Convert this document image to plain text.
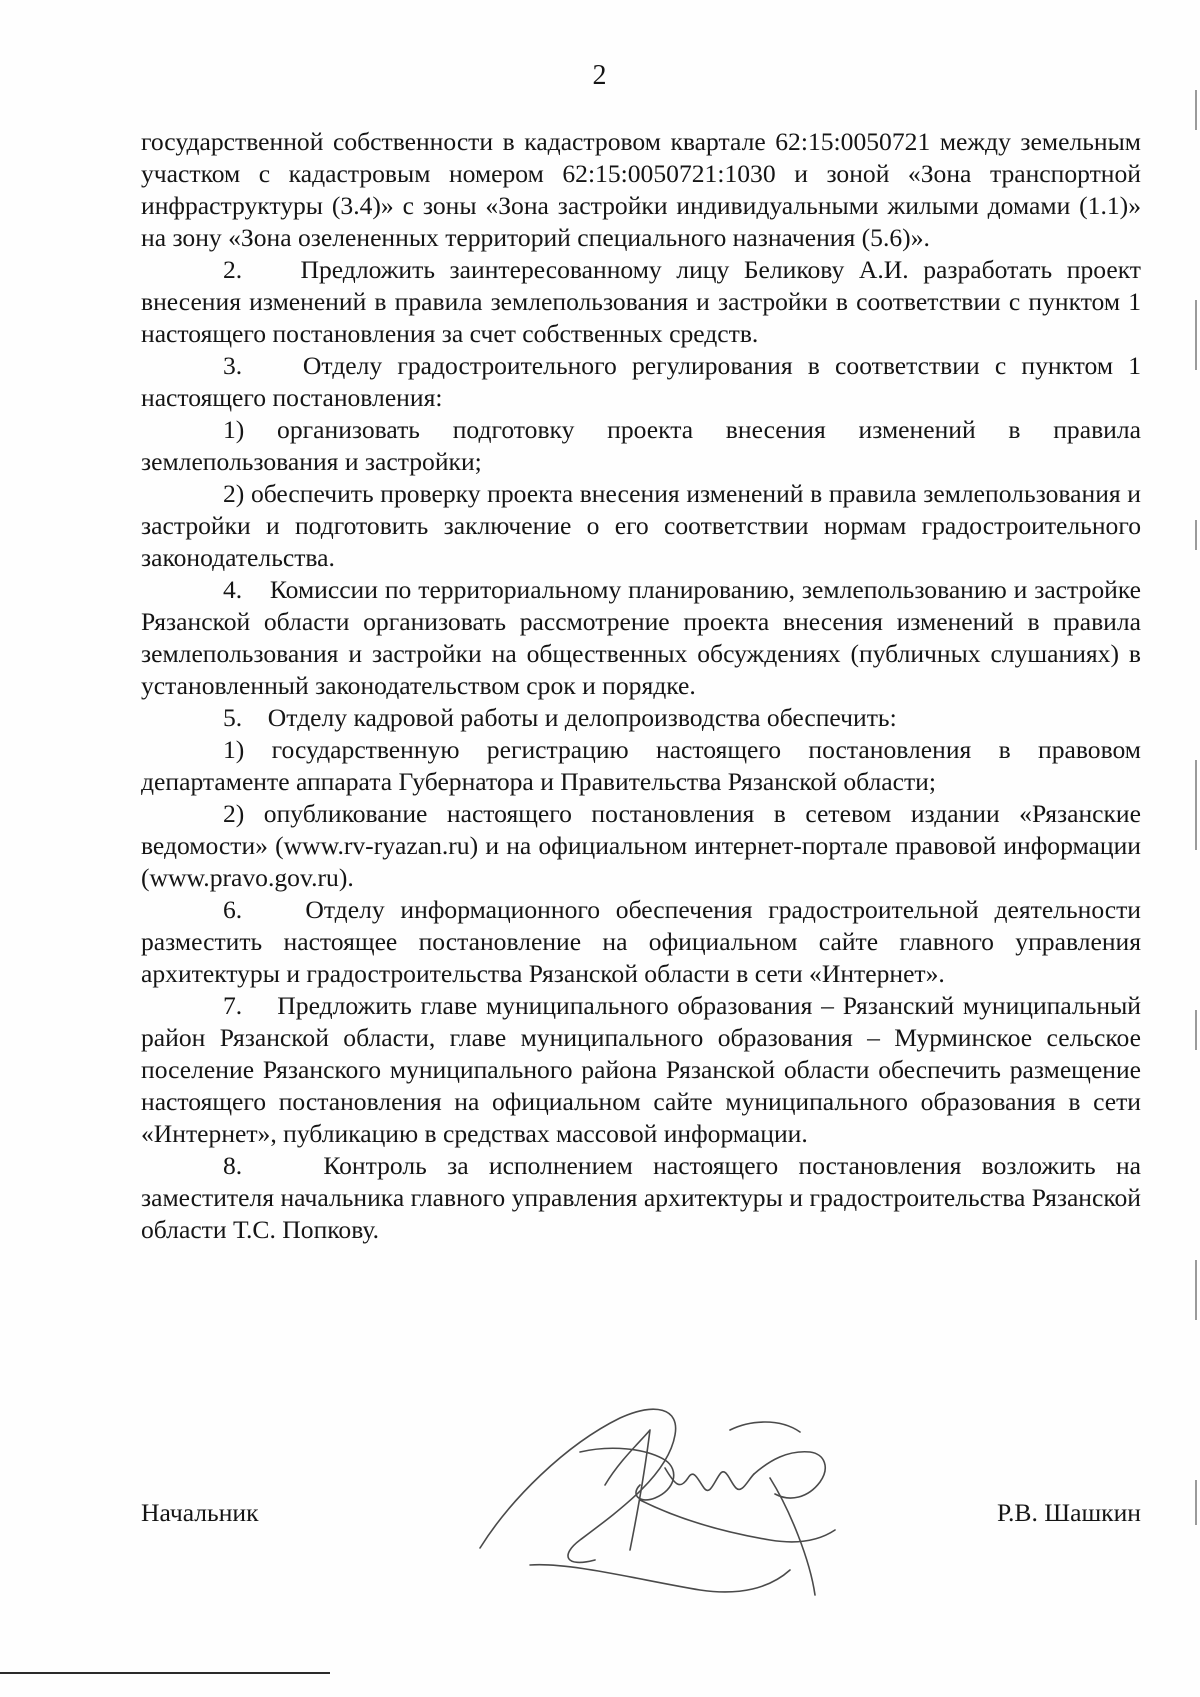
2

государственной собственности в кадастровом квартале 62:15:0050721 между земельным участком с кадастровым номером 62:15:0050721:1030 и зоной «Зона транспортной инфраструктуры (3.4)» с зоны «Зона застройки индивидуальными жилыми домами (1.1)» на зону «Зона озелененных территорий специального назначения (5.6)».

2.    Предложить заинтересованному лицу Беликову А.И. разработать проект внесения изменений в правила землепользования и застройки в соответствии с пунктом 1 настоящего постановления за счет собственных средств.

3.    Отделу градостроительного регулирования в соответствии с пунктом 1 настоящего постановления:

1) организовать подготовку проекта внесения изменений в правила землепользования и застройки;

2) обеспечить проверку проекта внесения изменений в правила землепользования и застройки и подготовить заключение о его соответствии нормам градостроительного законодательства.

4.    Комиссии по территориальному планированию, землепользованию и застройке Рязанской области организовать рассмотрение проекта внесения изменений в правила землепользования и застройки на общественных обсуждениях (публичных слушаниях) в установленный законодательством срок и порядке.

5.    Отделу кадровой работы и делопроизводства обеспечить:

1) государственную регистрацию настоящего постановления в правовом департаменте аппарата Губернатора и Правительства Рязанской области;

2) опубликование настоящего постановления в сетевом издании «Рязанские ведомости» (www.rv-ryazan.ru) и на официальном интернет-портале правовой информации (www.pravo.gov.ru).

6.    Отделу информационного обеспечения градостроительной деятельности разместить настоящее постановление на официальном сайте главного управления архитектуры и градостроительства Рязанской области в сети «Интернет».

7.    Предложить главе муниципального образования – Рязанский муниципальный район Рязанской области, главе муниципального образования – Мурминское сельское поселение Рязанского муниципального района Рязанской области обеспечить размещение настоящего постановления на официальном сайте муниципального образования в сети «Интернет», публикацию в средствах массовой информации.

8.    Контроль за исполнением настоящего постановления возложить на заместителя начальника главного управления архитектуры и градостроительства Рязанской области Т.С. Попкову.

Начальник	Р.В. Шашкин
